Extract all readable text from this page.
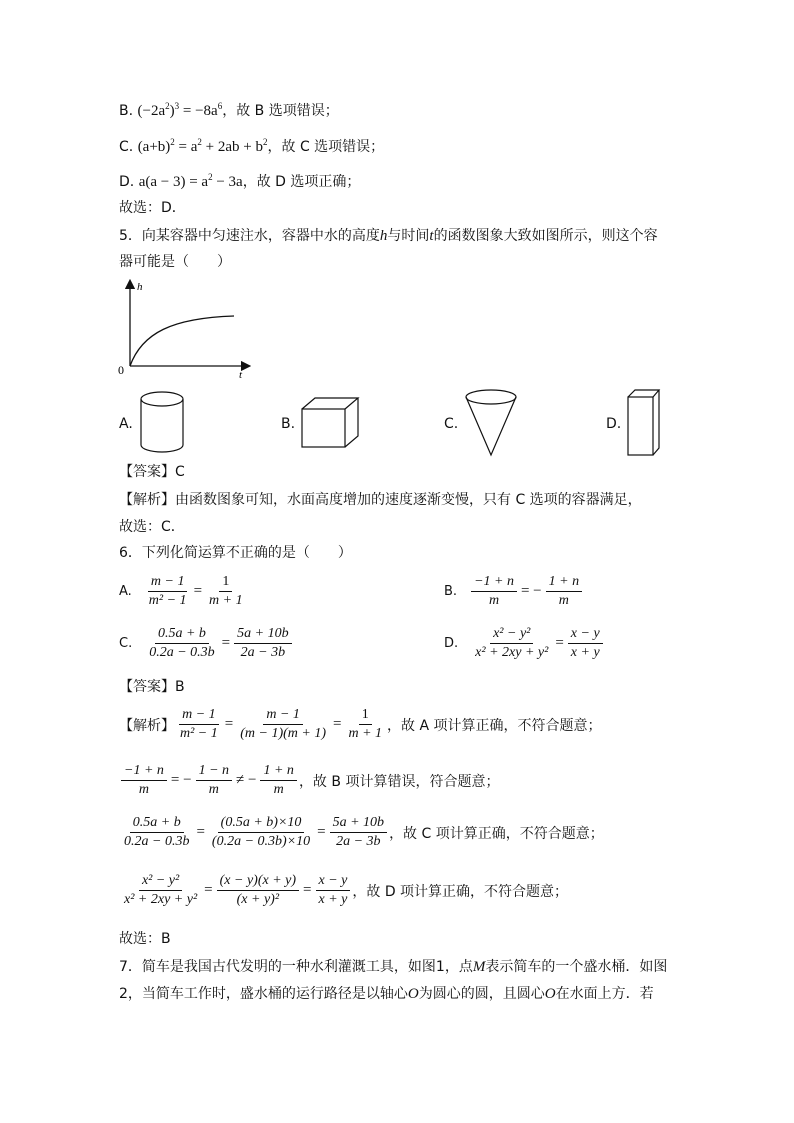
B. $(-2a^2)^3 = -8a^6$，故 B 选项错误；
C. $(a+b)^2 = a^2 + 2ab + b^2$，故 C 选项错误；
D. $a(a - 3) = a^2 - 3a$，故 D 选项正确；
故选：D．
5．向某容器中匀速注水，容器中水的高度h与时间t的函数图象大致如图所示，则这个容
器可能是（　　）
h
t
0
A.	B.	C.	D.
【答案】C
【解析】由函数图象可知，水面高度增加的速度逐渐变慢，只有 C 选项的容器满足，
故选：C．
6．下列化简运算不正确的是（　　）
A. $\frac{m - 1}{\text{m² − 1}} = \frac{1}{m + 1}$	B. $\frac{-1 + n}{m}$ = − $\frac{1 + n}{m}$
C. $\frac{0.5a + b}{0.2a - 0.3b} = \frac{5a + 10b}{2a - 3b}$	D. $\frac{\text{x² − y²}}{\text{x² + 2xy + y²}} = \frac{x - y}{x + y}$
【答案】B
【解析】 $\frac{m - 1}{\text{m² − 1}} = \frac{m - 1}{(m - 1)(m + 1)} = \frac{1}{m + 1}$ ，故 A 项计算正确，不符合题意；
$\frac{-1 + n}{m}$ = − $\frac{1 - n}{m}$ ≠ − $\frac{1 + n}{m}$ ，故 B 项计算错误，符合题意；
$\frac{0.5a + b}{0.2a - 0.3b} = \frac{(0.5a + b)\times 10}{(0.2a - 0.3b)\times 10} = \frac{5a + 10b}{2a - 3b}$ ，故 C 项计算正确，不符合题意；
$\frac{\text{x² − y²}}{\text{x² + 2xy + y²}} = \frac{(x - y)(x + y)}{\text{(x + y)²}} = \frac{x - y}{x + y}$ ，故 D 项计算正确，不符合题意；
故选：B
7．简车是我国古代发明的一种水利灌溉工具，如图1，点M表示简车的一个盛水桶．如图
2，当简车工作时，盛水桶的运行路径是以轴心O为圆心的圆，且圆心O在水面上方．若
